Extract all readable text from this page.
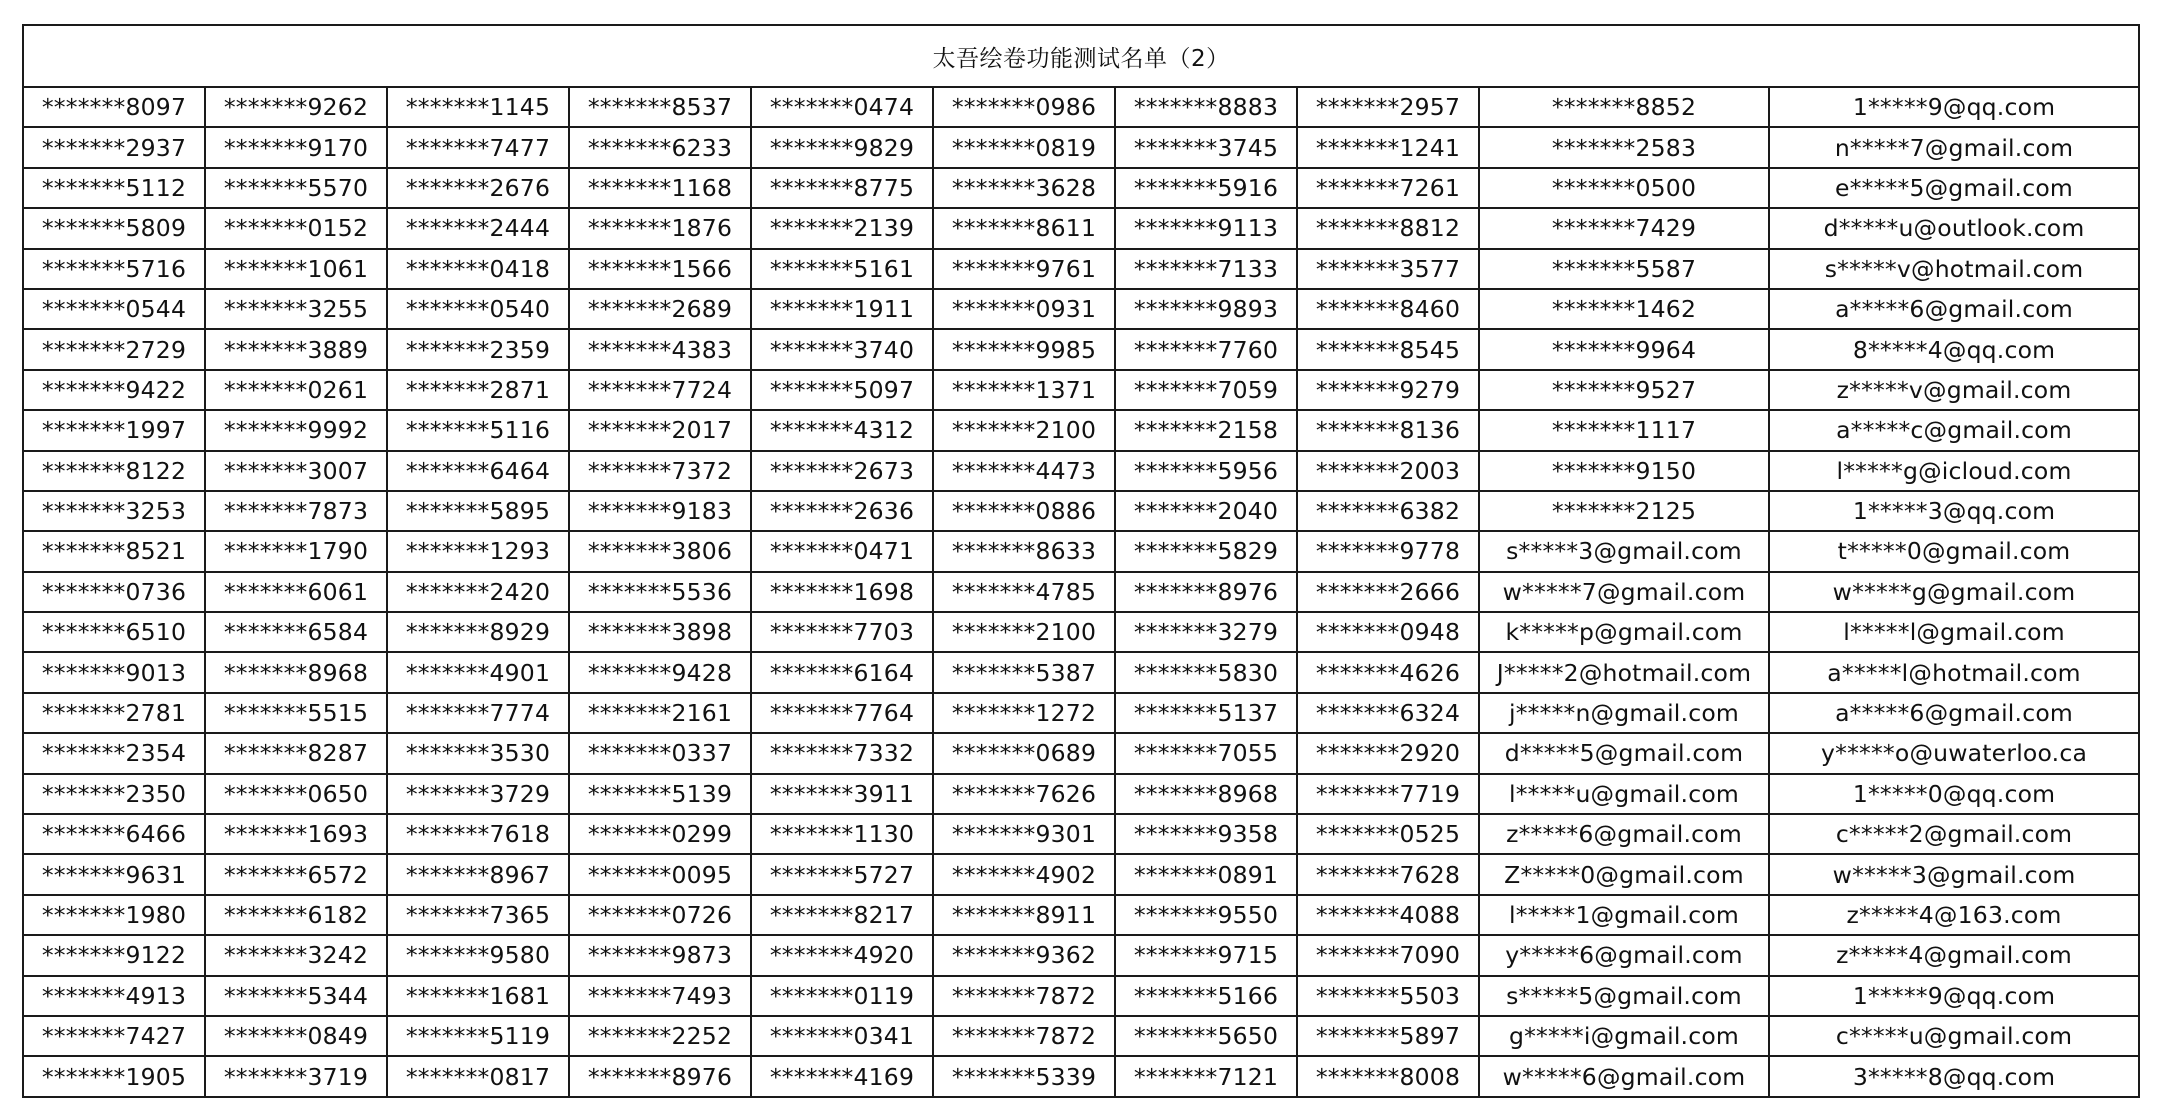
太吾绘卷功能测试名单（2）									
*******8097	*******9262	*******1145	*******8537	*******0474	*******0986	*******8883	*******2957	*******8852	1*****9@qq.com
*******2937	*******9170	*******7477	*******6233	*******9829	*******0819	*******3745	*******1241	*******2583	n*****7@gmail.com
*******5112	*******5570	*******2676	*******1168	*******8775	*******3628	*******5916	*******7261	*******0500	e*****5@gmail.com
*******5809	*******0152	*******2444	*******1876	*******2139	*******8611	*******9113	*******8812	*******7429	d*****u@outlook.com
*******5716	*******1061	*******0418	*******1566	*******5161	*******9761	*******7133	*******3577	*******5587	s*****v@hotmail.com
*******0544	*******3255	*******0540	*******2689	*******1911	*******0931	*******9893	*******8460	*******1462	a*****6@gmail.com
*******2729	*******3889	*******2359	*******4383	*******3740	*******9985	*******7760	*******8545	*******9964	8*****4@qq.com
*******9422	*******0261	*******2871	*******7724	*******5097	*******1371	*******7059	*******9279	*******9527	z*****v@gmail.com
*******1997	*******9992	*******5116	*******2017	*******4312	*******2100	*******2158	*******8136	*******1117	a*****c@gmail.com
*******8122	*******3007	*******6464	*******7372	*******2673	*******4473	*******5956	*******2003	*******9150	l*****g@icloud.com
*******3253	*******7873	*******5895	*******9183	*******2636	*******0886	*******2040	*******6382	*******2125	1*****3@qq.com
*******8521	*******1790	*******1293	*******3806	*******0471	*******8633	*******5829	*******9778	s*****3@gmail.com	t*****0@gmail.com
*******0736	*******6061	*******2420	*******5536	*******1698	*******4785	*******8976	*******2666	w*****7@gmail.com	w*****g@gmail.com
*******6510	*******6584	*******8929	*******3898	*******7703	*******2100	*******3279	*******0948	k*****p@gmail.com	l*****l@gmail.com
*******9013	*******8968	*******4901	*******9428	*******6164	*******5387	*******5830	*******4626	J*****2@hotmail.com	a*****l@hotmail.com
*******2781	*******5515	*******7774	*******2161	*******7764	*******1272	*******5137	*******6324	j*****n@gmail.com	a*****6@gmail.com
*******2354	*******8287	*******3530	*******0337	*******7332	*******0689	*******7055	*******2920	d*****5@gmail.com	y*****o@uwaterloo.ca
*******2350	*******0650	*******3729	*******5139	*******3911	*******7626	*******8968	*******7719	l*****u@gmail.com	1*****0@qq.com
*******6466	*******1693	*******7618	*******0299	*******1130	*******9301	*******9358	*******0525	z*****6@gmail.com	c*****2@gmail.com
*******9631	*******6572	*******8967	*******0095	*******5727	*******4902	*******0891	*******7628	Z*****0@gmail.com	w*****3@gmail.com
*******1980	*******6182	*******7365	*******0726	*******8217	*******8911	*******9550	*******4088	l*****1@gmail.com	z*****4@163.com
*******9122	*******3242	*******9580	*******9873	*******4920	*******9362	*******9715	*******7090	y*****6@gmail.com	z*****4@gmail.com
*******4913	*******5344	*******1681	*******7493	*******0119	*******7872	*******5166	*******5503	s*****5@gmail.com	1*****9@qq.com
*******7427	*******0849	*******5119	*******2252	*******0341	*******7872	*******5650	*******5897	g*****i@gmail.com	c*****u@gmail.com
*******1905	*******3719	*******0817	*******8976	*******4169	*******5339	*******7121	*******8008	w*****6@gmail.com	3*****8@qq.com
